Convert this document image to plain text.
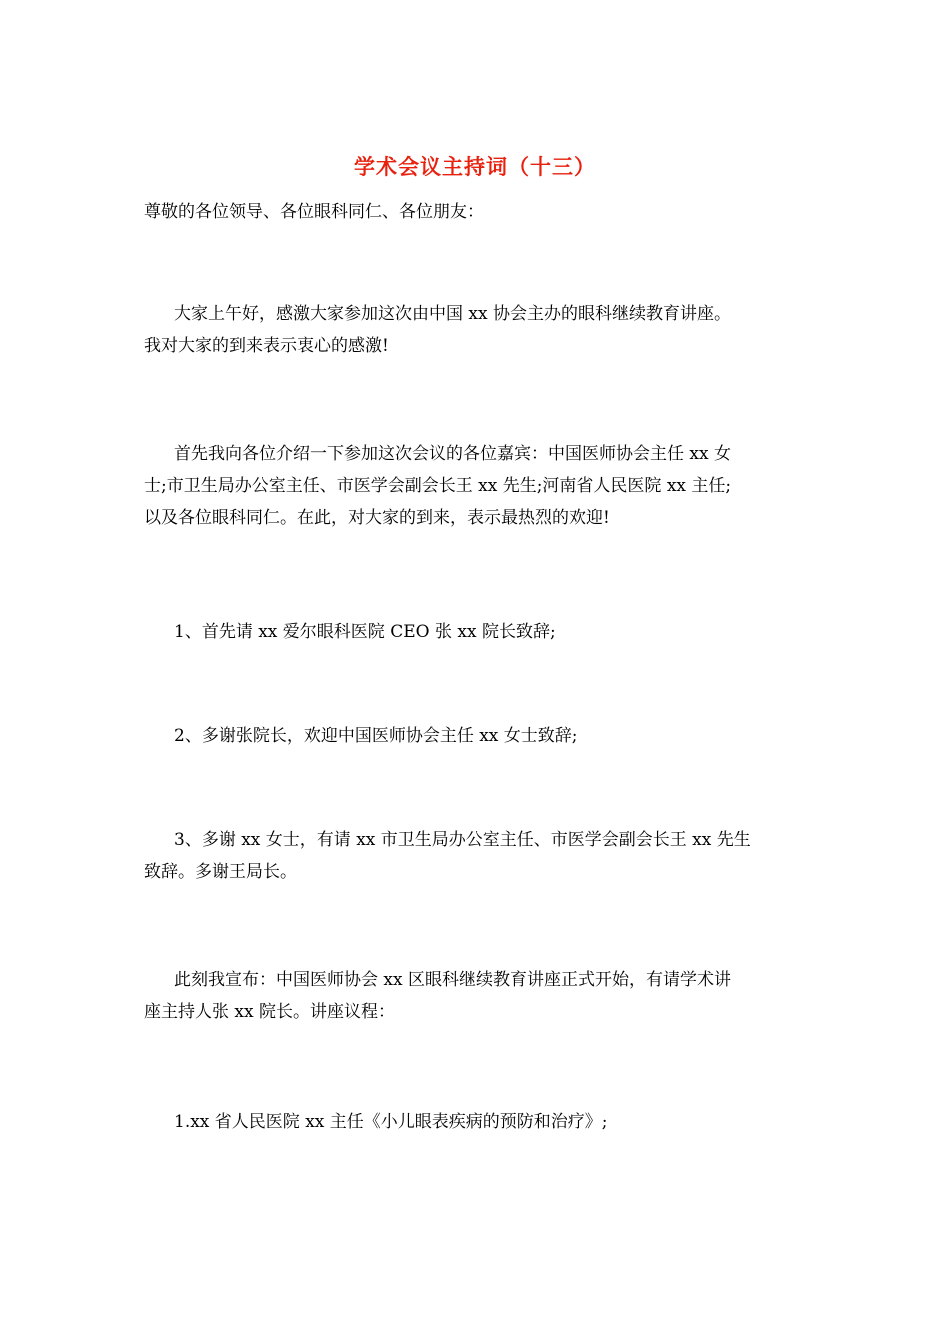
学术会议主持词（十三）

尊敬的各位领导、各位眼科同仁、各位朋友：

大家上午好，感激大家参加这次由中国 xx 协会主办的眼科继续教育讲座。
我对大家的到来表示衷心的感激!

首先我向各位介绍一下参加这次会议的各位嘉宾：中国医师协会主任 xx 女
士;市卫生局办公室主任、市医学会副会长王 xx 先生;河南省人民医院 xx 主任;
以及各位眼科同仁。在此，对大家的到来，表示最热烈的欢迎!

1、首先请 xx 爱尔眼科医院 CEO 张 xx 院长致辞;

2、多谢张院长，欢迎中国医师协会主任 xx 女士致辞;

3、多谢 xx 女士，有请 xx 市卫生局办公室主任、市医学会副会长王 xx 先生
致辞。多谢王局长。

此刻我宣布：中国医师协会 xx 区眼科继续教育讲座正式开始，有请学术讲
座主持人张 xx 院长。讲座议程：

1.xx 省人民医院 xx 主任《小儿眼表疾病的预防和治疗》;
